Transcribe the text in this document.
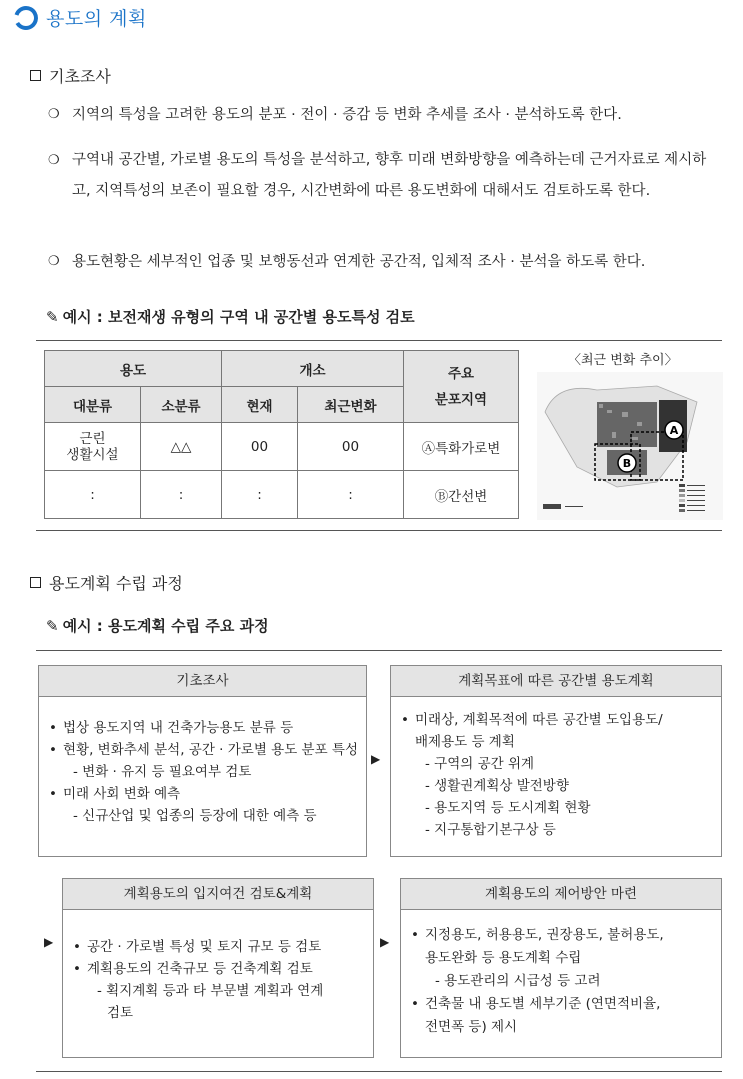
용도의 계획
기초조사
❍ 지역의 특성을 고려한 용도의 분포 · 전이 · 증감 등 변화 추세를 조사 · 분석하도록 한다.
❍ 구역내 공간별, 가로별 용도의 특성을 분석하고, 향후 미래 변화방향을 예측하는데 근거자료로 제시하고, 지역특성의 보존이 필요할 경우, 시간변화에 따른 용도변화에 대해서도 검토하도록 한다.
❍ 용도현황은 세부적인 업종 및 보행동선과 연계한 공간적, 입체적 조사 · 분석을 하도록 한다.
✎ 예시 : 보전재생 유형의 구역 내 공간별 용도특성 검토
용도		개소		주요
분포지역

대분류	소분류	현재	최근변화	
근린
생활시설	△△	00	00	Ⓐ특화가로변
:	:	:	:	Ⓑ간선변
〈최근 변화 추이〉
A
B
용도계획 수립 과정
✎ 예시 : 용도계획 수립 주요 과정
기초조사
• 법상 용도지역 내 건축가능용도 분류 등
• 현황, 변화추세 분석, 공간 · 가로별 용도 분포 특성
- 변화 · 유지 등 필요여부 검토
• 미래 사회 변화 예측
- 신규산업 및 업종의 등장에 대한 예측 등
▶
계획목표에 따른 공간별 용도계획
• 미래상, 계획목적에 따른 공간별 도입용도/
배제용도 등 계획
- 구역의 공간 위계
- 생활권계획상 발전방향
- 용도지역 등 도시계획 현황
- 지구통합기본구상 등
▶
계획용도의 입지여건 검토&계획
• 공간 · 가로별 특성 및 토지 규모 등 검토
• 계획용도의 건축규모 등 건축계획 검토
- 획지계획 등과 타 부문별 계획과 연계
검토
▶
계획용도의 제어방안 마련
• 지정용도, 허용용도, 권장용도, 불허용도,
용도완화 등 용도계획 수립
- 용도관리의 시급성 등 고려
• 건축물 내 용도별 세부기준 (연면적비율,
전면폭 등) 제시
